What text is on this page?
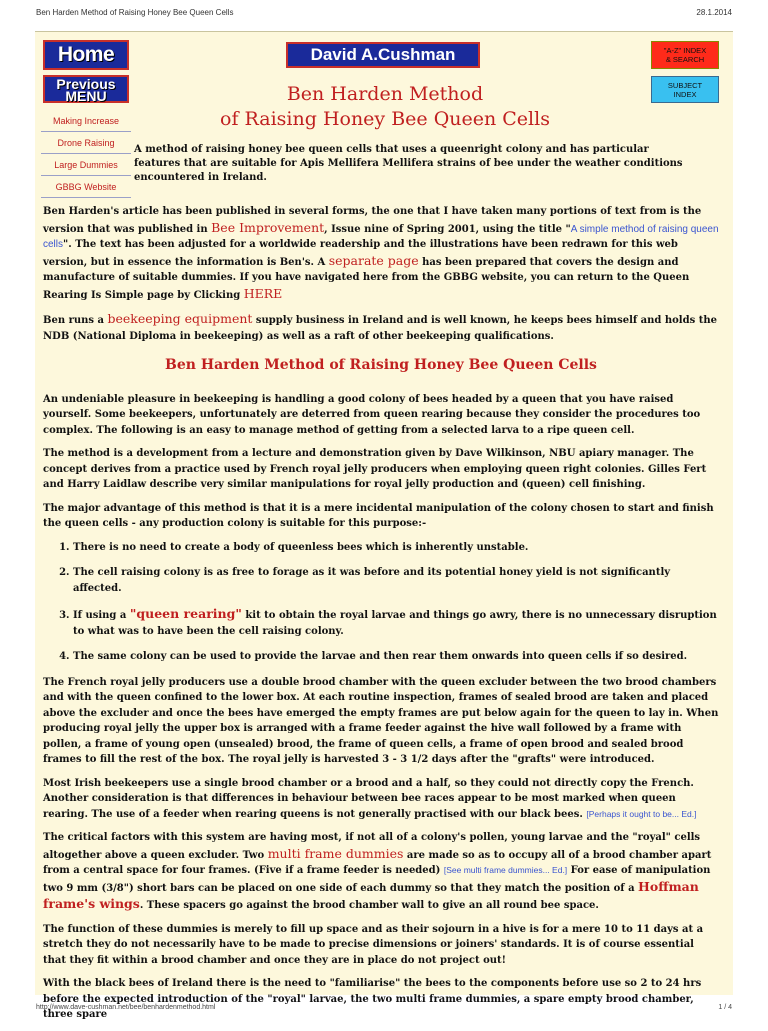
Ben Harden Method of Raising Honey Bee Queen Cells	28.1.2014
Home
Previous
MENU
Making Increase
Drone Raising
Large Dummies
GBBG Website
David A.Cushman	"A-Z" INDEX
& SEARCH
SUBJECT
INDEX
Ben Harden Method
of Raising Honey Bee Queen Cells
A method of raising honey bee queen cells that uses a queenright colony and has particular features that are suitable for Apis Mellifera Mellifera strains of bee under the weather conditions encountered in Ireland.

Ben Harden's article has been published in several forms, the one that I have taken many portions of text from is the version that was published in Bee Improvement, Issue nine of Spring 2001, using the title "A simple method of raising queen cells". The text has been adjusted for a worldwide readership and the illustrations have been redrawn for this web version, but in essence the information is Ben's. A separate page has been prepared that covers the design and manufacture of suitable dummies. If you have navigated here from the GBBG website, you can return to the Queen Rearing Is Simple page by Clicking HERE

Ben runs a beekeeping equipment supply business in Ireland and is well known, he keeps bees himself and holds the NDB (National Diploma in beekeeping) as well as a raft of other beekeeping qualifications.

Ben Harden Method of Raising Honey Bee Queen Cells

An undeniable pleasure in beekeeping is handling a good colony of bees headed by a queen that you have raised yourself. Some beekeepers, unfortunately are deterred from queen rearing because they consider the procedures too complex. The following is an easy to manage method of getting from a selected larva to a ripe queen cell.

The method is a development from a lecture and demonstration given by Dave Wilkinson, NBU apiary manager. The concept derives from a practice used by French royal jelly producers when employing queen right colonies. Gilles Fert and Harry Laidlaw describe very similar manipulations for royal jelly production and (queen) cell finishing.

The major advantage of this method is that it is a mere incidental manipulation of the colony chosen to start and finish the queen cells - any production colony is suitable for this purpose:-

1. There is no need to create a body of queenless bees which is inherently unstable.
2. The cell raising colony is as free to forage as it was before and its potential honey yield is not significantly affected.
3. If using a "queen rearing" kit to obtain the royal larvae and things go awry, there is no unnecessary disruption to what was to have been the cell raising colony.
4. The same colony can be used to provide the larvae and then rear them onwards into queen cells if so desired.

The French royal jelly producers use a double brood chamber with the queen excluder between the two brood chambers and with the queen confined to the lower box. At each routine inspection, frames of sealed brood are taken and placed above the excluder and once the bees have emerged the empty frames are put below again for the queen to lay in. When producing royal jelly the upper box is arranged with a frame feeder against the hive wall followed by a frame with pollen, a frame of young open (unsealed) brood, the frame of queen cells, a frame of open brood and sealed brood frames to fill the rest of the box. The royal jelly is harvested 3 - 3 1/2 days after the "grafts" were introduced.

Most Irish beekeepers use a single brood chamber or a brood and a half, so they could not directly copy the French. Another consideration is that differences in behaviour between bee races appear to be most marked when queen rearing. The use of a feeder when rearing queens is not generally practised with our black bees. [Perhaps it ought to be... Ed.]

The critical factors with this system are having most, if not all of a colony's pollen, young larvae and the "royal" cells altogether above a queen excluder. Two multi frame dummies are made so as to occupy all of a brood chamber apart from a central space for four frames. (Five if a frame feeder is needed) [See multi frame dummies... Ed.] For ease of manipulation two 9 mm (3/8") short bars can be placed on one side of each dummy so that they match the position of a Hoffman frame's wings. These spacers go against the brood chamber wall to give an all round bee space.

The function of these dummies is merely to fill up space and as their sojourn in a hive is for a mere 10 to 11 days at a stretch they do not necessarily have to be made to precise dimensions or joiners' standards. It is of course essential that they fit within a brood chamber and once they are in place do not project out!

With the black bees of Ireland there is the need to "familiarise" the bees to the components before use so 2 to 24 hrs before the expected introduction of the "royal" larvae, the two multi frame dummies, a spare empty brood chamber, three spare

http://www.dave-cushman.net/bee/benhardenmethod.html	1 / 4
